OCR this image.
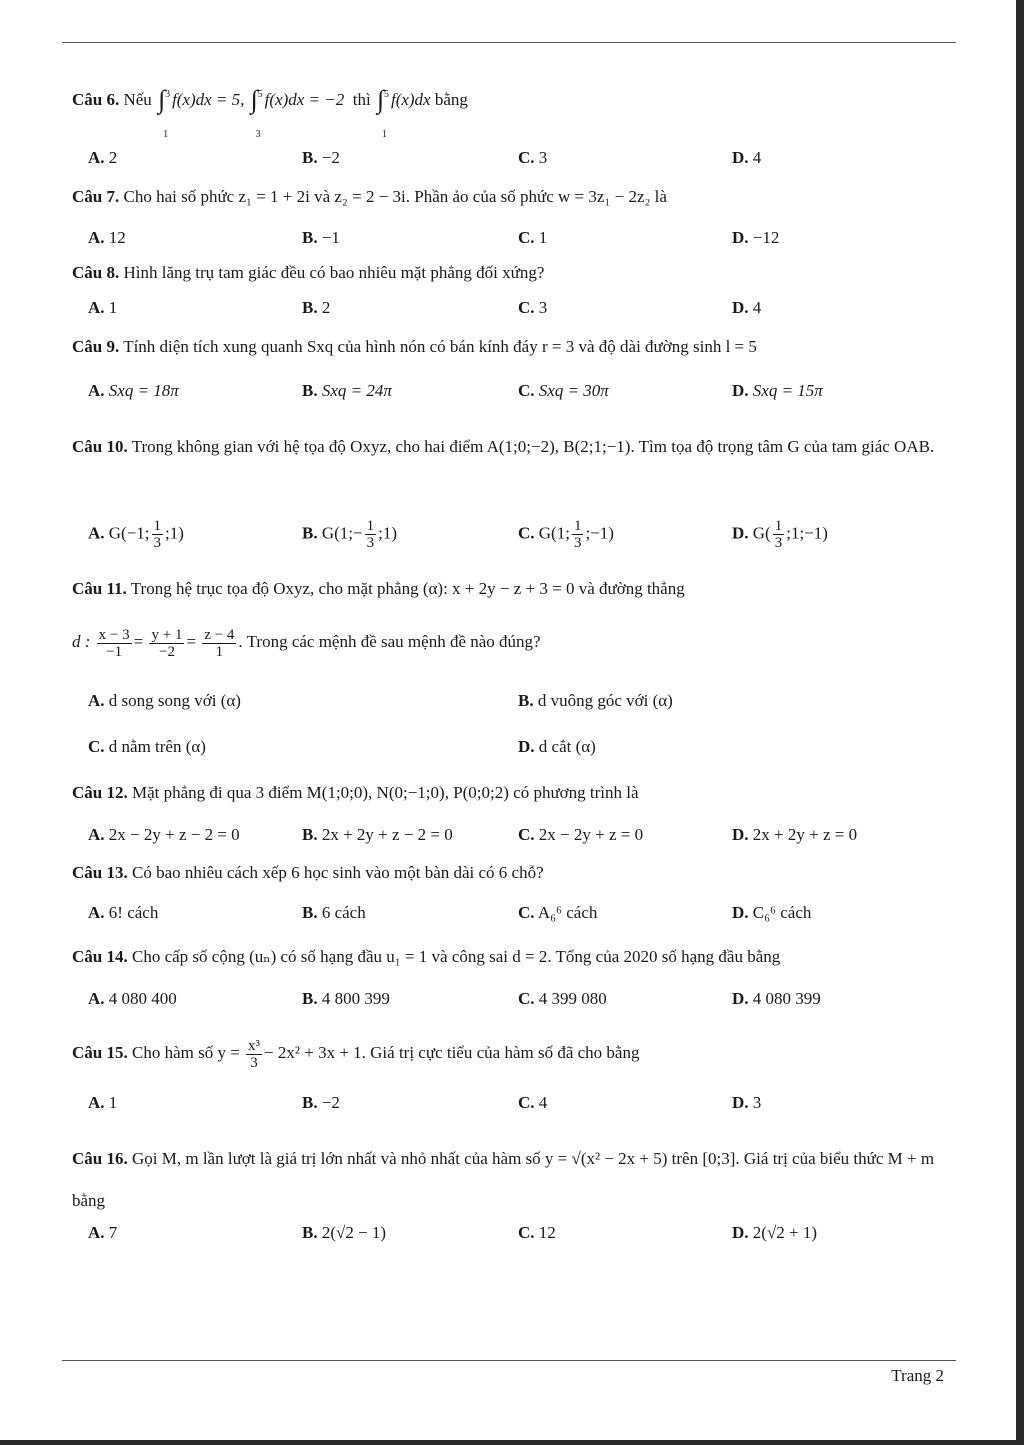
Câu 6. Nếu ∫ 3
1
f(x)dx = 5, ∫ 5
3
f(x)dx = −2 thì ∫ 5
1
f(x)dx bằng
A. 2	B. −2	C. 3	D. 4
Câu 7. Cho hai số phức z₁ = 1 + 2i và z₂ = 2 − 3i. Phần ảo của số phức w = 3z₁ − 2z₂ là
A. 12	B. −1	C. 1	D. −12
Câu 8. Hình lăng trụ tam giác đều có bao nhiêu mặt phẳng đối xứng?
A. 1	B. 2	C. 3	D. 4
Câu 9. Tính diện tích xung quanh Sxq của hình nón có bán kính đáy r = 3 và độ dài đường sinh l = 5
A. Sxq = 18π	B. Sxq = 24π	C. Sxq = 30π	D. Sxq = 15π
Câu 10. Trong không gian với hệ tọa độ Oxyz, cho hai điểm A(1;0;−2), B(2;1;−1). Tìm tọa độ trọng tâm G của tam giác OAB.
A. G(−1; $\frac{1}{3}$ ;1)	B. G(1;− $\frac{1}{3}$ ;1)	C. G(1; $\frac{1}{3}$ ;−1)	D. $G( \frac{1}{3}$ ;1;−1)
Câu 11. Trong hệ trục tọa độ Oxyz, cho mặt phẳng (α): x + 2y − z + 3 = 0 và đường thẳng
d : $\frac{x - 3}{-1} = \frac{y + 1}{-2} = \frac{z - 4}{1}$ . Trong các mệnh đề sau mệnh đề nào đúng?
A. d song song với (α)	B. d vuông góc với (α)
C. d nằm trên (α)	D. d cắt (α)
Câu 12. Mặt phẳng đi qua 3 điểm M(1;0;0), N(0;−1;0), P(0;0;2) có phương trình là
A. 2x − 2y + z − 2 = 0	B. 2x + 2y + z − 2 = 0	C. 2x − 2y + z = 0	D. 2x + 2y + z = 0
Câu 13. Có bao nhiêu cách xếp 6 học sinh vào một bàn dài có 6 chỗ?
A. 6! cách	B. 6 cách	C. A₆⁶ cách	D. C₆⁶ cách
Câu 14. Cho cấp số cộng (uₙ) có số hạng đầu u₁ = 1 và công sai d = 2. Tổng của 2020 số hạng đầu bằng
A. 4 080 400	B. 4 800 399	C. 4 399 080	D. 4 080 399
Câu 15. Cho hàm số $y = \frac{\text{x³}}{3} - 2x^2 + 3x + 1$. Giá trị cực tiểu của hàm số đã cho bằng
A. 1	B. −2	C. 4	D. 3
Câu 16. Gọi M, m lần lượt là giá trị lớn nhất và nhỏ nhất của hàm số y = √(x² − 2x + 5) trên [0;3]. Giá trị của biểu thức M + m bằng
A. 7	B. 2(√2 − 1)	C. 12	D. 2(√2 + 1)
Trang 2
